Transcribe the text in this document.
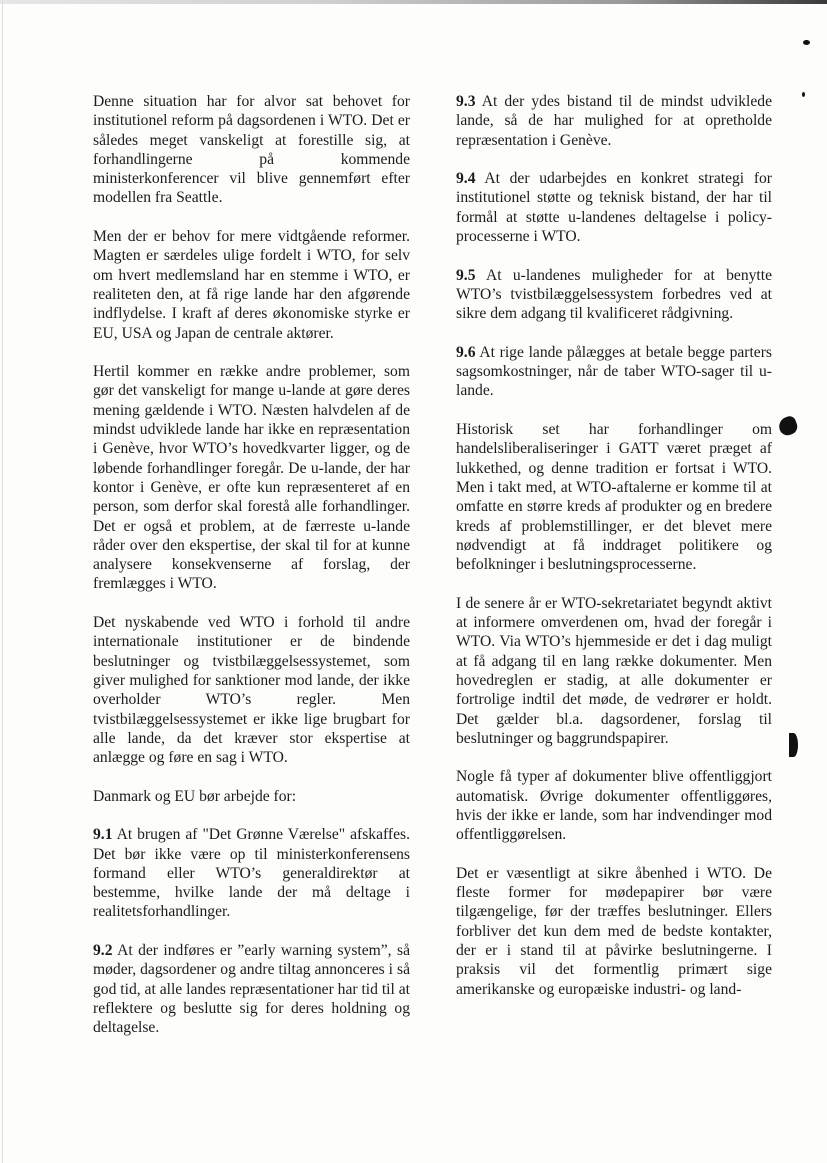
Denne situation har for alvor sat behovet for institutionel reform på dagsordenen i WTO. Det er således meget vanskeligt at forestille sig, at forhandlingerne på kommende ministerkonferencer vil blive gennemført efter modellen fra Seattle.

Men der er behov for mere vidtgående reformer. Magten er særdeles ulige fordelt i WTO, for selv om hvert medlemsland har en stemme i WTO, er realiteten den, at få rige lande har den afgørende indflydelse. I kraft af deres økonomiske styrke er EU, USA og Japan de centrale aktører.

Hertil kommer en række andre problemer, som gør det vanskeligt for mange u-lande at gøre deres mening gældende i WTO. Næsten halvdelen af de mindst udviklede lande har ikke en repræsentation i Genève, hvor WTO’s hovedkvarter ligger, og de løbende forhandlinger foregår. De u-lande, der har kontor i Genève, er ofte kun repræsenteret af en person, som derfor skal forestå alle forhandlinger. Det er også et problem, at de færreste u-lande råder over den ekspertise, der skal til for at kunne analysere konsekvenserne af forslag, der fremlægges i WTO.

Det nyskabende ved WTO i forhold til andre internationale institutioner er de bindende beslutninger og tvistbilæggelsessystemet, som giver mulighed for sanktioner mod lande, der ikke overholder WTO’s regler. Men tvistbilæggelsessystemet er ikke lige brugbart for alle lande, da det kræver stor ekspertise at anlægge og føre en sag i WTO.

Danmark og EU bør arbejde for:

9.1 At brugen af "Det Grønne Værelse" afskaffes. Det bør ikke være op til ministerkonferensens formand eller WTO’s generaldirektør at bestemme, hvilke lande der må deltage i realitetsforhandlinger.

9.2 At der indføres er ”early warning system”, så møder, dagsordener og andre tiltag annonceres i så god tid, at alle landes repræsentationer har tid til at reflektere og beslutte sig for deres holdning og deltagelse.

9.3 At der ydes bistand til de mindst udviklede lande, så de har mulighed for at opretholde repræsentation i Genève.

9.4 At der udarbejdes en konkret strategi for institutionel støtte og teknisk bistand, der har til formål at støtte u-landenes deltagelse i policy-processerne i WTO.

9.5 At u-landenes muligheder for at benytte WTO’s tvistbilæggelsessystem forbedres ved at sikre dem adgang til kvalificeret rådgivning.

9.6 At rige lande pålægges at betale begge parters sagsomkostninger, når de taber WTO-sager til u-lande.

Historisk set har forhandlinger om handelsliberaliseringer i GATT været præget af lukkethed, og denne tradition er fortsat i WTO. Men i takt med, at WTO-aftalerne er komme til at omfatte en større kreds af produkter og en bredere kreds af problemstillinger, er det blevet mere nødvendigt at få inddraget politikere og befolkninger i beslutningsprocesserne.

I de senere år er WTO-sekretariatet begyndt aktivt at informere omverdenen om, hvad der foregår i WTO. Via WTO’s hjemmeside er det i dag muligt at få adgang til en lang række dokumenter. Men hovedreglen er stadig, at alle dokumenter er fortrolige indtil det møde, de vedrører er holdt. Det gælder bl.a. dagsordener, forslag til beslutninger og baggrundspapirer.

Nogle få typer af dokumenter blive offentliggjort automatisk. Øvrige dokumenter offentliggøres, hvis der ikke er lande, som har indvendinger mod offentliggørelsen.

Det er væsentligt at sikre åbenhed i WTO. De fleste former for mødepapirer bør være tilgængelige, før der træffes beslutninger. Ellers forbliver det kun dem med de bedste kontakter, der er i stand til at påvirke beslutningerne. I praksis vil det formentlig primært sige amerikanske og europæiske industri- og land-
